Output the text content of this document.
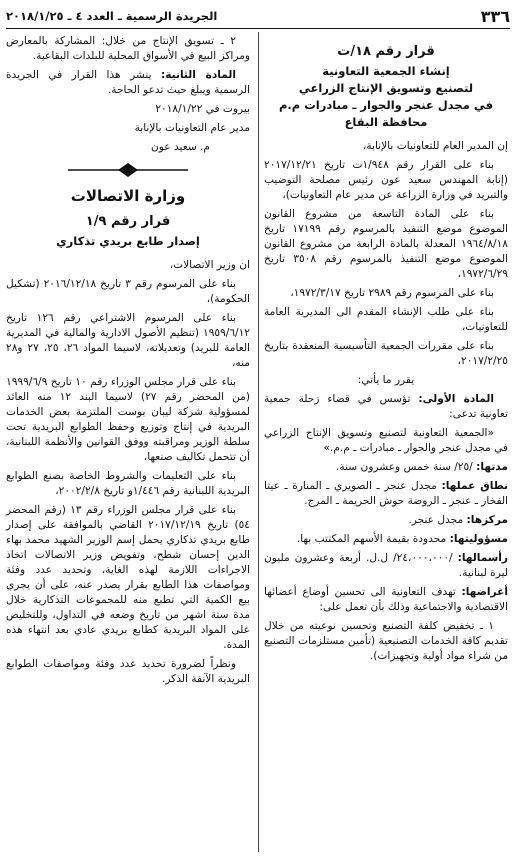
٣٣٦
الجريدة الرسمية ـ العدد ٤ ـ ٢٠١٨/١/٢٥
قرار رقم ١٨/ت
إنشاء الجمعية التعاونية
لتصنيع وتسويق الإنتاج الزراعي
في مجدل عنجر والجوار ـ مبادرات م.م
محافظة البقاع

إن المدير العام للتعاونيات بالإنابة،

بناء على القرار رقم ١/٩٤٨ت تاريخ ٢٠١٧/١٢/٢١ (إنابة المهندس سعيد عون رئيس مصلحة التوضيب والتبريد في وزارة الزراعة عن مدير عام التعاونيات)،

بناء على المادة التاسعة من مشروع القانون الموضوع موضع التنفيذ بالمرسوم رقم ١٧١٩٩ تاريخ ١٩٦٤/٨/١٨ المعدلة بالمادة الرابعة من مشروع القانون الموضوع موضع التنفيذ بالمرسوم رقم ٣٥٠٨ تاريخ ١٩٧٢/٦/٢٩،

بناء على المرسوم رقم ٢٩٨٩ تاريخ ١٩٧٢/٣/١٧،

بناء على طلب الإنشاء المقدم الى المديرية العامة للتعاونيات،

بناء على مقررات الجمعية التأسيسية المنعقدة بتاريخ ٢٠١٧/٢/٢٥،

يقرر ما يأتي:

المادة الأولى: تؤسس في قضاء زحلة جمعية تعاونية تدعى:

«الجمعية التعاونية لتصنيع وتسويق الإنتاج الزراعي في مجدل عنجر والجوار ـ مبادرات ـ م.م.»

مدتها: /٢٥/ سنة خمس وعشرون سنة.

نطاق عملها: مجدل عنجر ـ الصويري ـ المنارة ـ عيتا الفخار ـ عنجر ـ الروضة حوش الحريمة ـ المرج.

مركزها: مجدل عنجر.

مسؤوليتها: محدودة بقيمة الأسهم المكتتب بها.

رأسمالها: /٢٤،٠٠٠،٠٠٠/ ل.ل. أربعة وعشرون مليون ليرة لبنانية.

أغراضها: تهدف التعاونية الى تحسين أوضاع أعضائها الاقتصادية والاجتماعية وذلك بأن تعمل على:

١ ـ تخفيض كلفة التصنيع وتحسين نوعيته من خلال تقديم كافة الخدمات التصنيعية (تأمين مستلزمات التصنيع من شراء مواد أولية وتجهيزات).

٢ ـ تسويق الإنتاج من خلال: المشاركة بالمعارض ومراكز البيع في الأسواق المحلية للبلدات البقاعية.

المادة الثانية: ينشر هذا القرار في الجريدة الرسمية ويبلغ حيث تدعو الحاجة.

بيروت في ٢٠١٨/١/٢٢

مدير عام التعاونيات بالإنابة

م. سعيد عون

وزارة الاتصالات
قرار رقم ١/٩
إصدار طابع بريدي تذكاري

ان وزير الاتصالات،

بناء على المرسوم رقم ٣ تاريخ ٢٠١٦/١٢/١٨ (تشكيل الحكومة)،

بناء على المرسوم الاشتراعي رقم ١٢٦ تاريخ ١٩٥٩/٦/١٢ (تنظيم الأصول الادارية والمالية في المديرية العامة للبريد) وتعديلاته، لاسيما المواد ٢٦، ٢٥، ٢٧ و٢٨ منه،

بناء على قرار مجلس الوزراء رقم ١٠ تاريخ ١٩٩٩/٦/٩ (من المحضر رقم ٢٧) لاسيما البند ١٢ منه العائد لمسؤولية شركة ليبان بوست الملتزمة بعض الخدمات البريدية في إنتاج وتوزيع وحفظ الطوابع البريدية تحت سلطة الوزير ومراقبته ووفق القوانين والأنظمة اللبنانية، أن تتحمل تكاليف صنعها،

بناء على التعليمات والشروط الخاصة بصنع الطوابع البريدية اللبنانية رقم ١/٤٤٦و تاريخ ٢٠٠٢/٢/٨،

بناء على قرار مجلس الوزراء رقم ١٣ (رقم المحضر ٥٤) تاريخ ٢٠١٧/١٢/١٩ القاضي بالموافقة على إصدار طابع بريدي تذكاري يحمل إسم الوزير الشهيد محمد بهاء الدين إحسان شطح، وتفويض وزير الاتصالات اتخاذ الاجراءات اللازمة لهذه الغاية، وتحديد عدد وفئة ومواصفات هذا الطابع بقرار يصدر عنه، على أن يجري بيع الكمية التي تطبع منه للمجموعات التذكارية خلال مدة ستة اشهر من تاريخ وضعه في التداول، وللتخليص على المواد البريدية كطابع بريدي عادي بعد انتهاء هذه المدة.

ونظراً لضرورة تحديد عدد وفئة ومواصفات الطوابع البريدية الآنفة الذكر.
